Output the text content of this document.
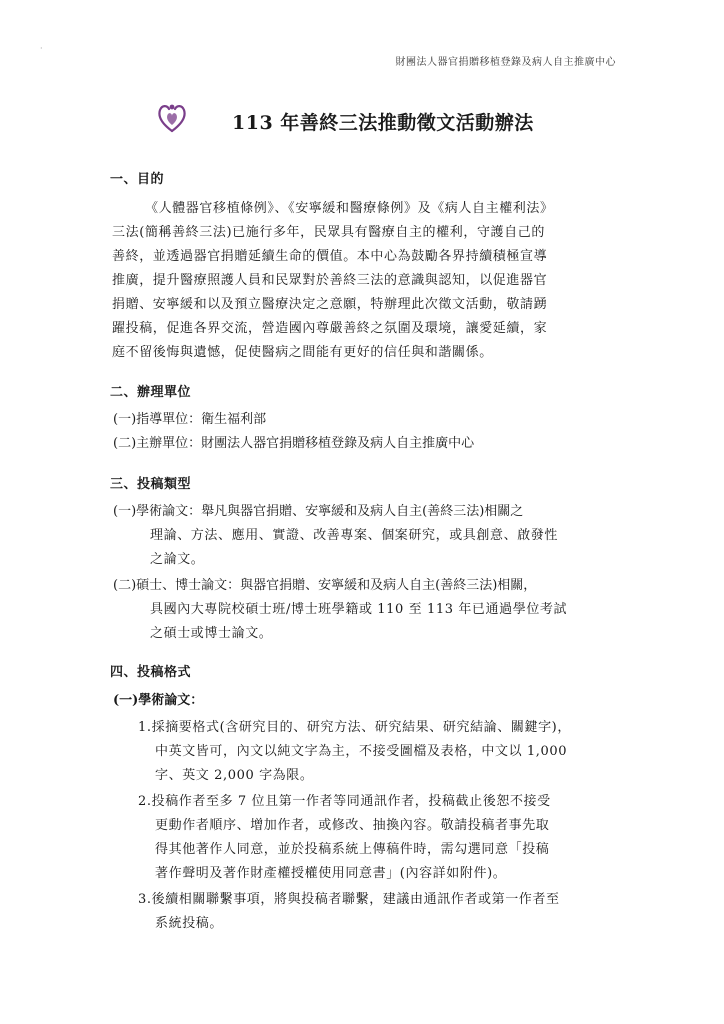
·
財團法人器官捐贈移植登錄及病人自主推廣中心
113 年善終三法推動徵文活動辦法
一、目的
《人體器官移植條例》、《安寧緩和醫療條例》及《病人自主權利法》
三法(簡稱善終三法)已施行多年，民眾具有醫療自主的權利，守護自己的
善終，並透過器官捐贈延續生命的價值。本中心為鼓勵各界持續積極宣導
推廣，提升醫療照護人員和民眾對於善終三法的意識與認知，以促進器官
捐贈、安寧緩和以及預立醫療決定之意願，特辦理此次徵文活動，敬請踴
躍投稿，促進各界交流，營造國內尊嚴善終之氛圍及環境，讓愛延續，家
庭不留後悔與遺憾，促使醫病之間能有更好的信任與和諧關係。
二、辦理單位
(一)指導單位：衛生福利部
(二)主辦單位：財團法人器官捐贈移植登錄及病人自主推廣中心
三、投稿類型
(一)學術論文：舉凡與器官捐贈、安寧緩和及病人自主(善終三法)相關之
理論、方法、應用、實證、改善專案、個案研究，或具創意、啟發性
之論文。
(二)碩士、博士論文：與器官捐贈、安寧緩和及病人自主(善終三法)相關，
具國內大專院校碩士班/博士班學籍或 110 至 113 年已通過學位考試
之碩士或博士論文。
四、投稿格式
(一)學術論文：
1.採摘要格式(含研究目的、研究方法、研究結果、研究結論、關鍵字)，
中英文皆可，內文以純文字為主，不接受圖檔及表格，中文以 1,000
字、英文 2,000 字為限。
2.投稿作者至多 7 位且第一作者等同通訊作者，投稿截止後恕不接受
更動作者順序、增加作者，或修改、抽換內容。敬請投稿者事先取
得其他著作人同意，並於投稿系統上傳稿件時，需勾選同意「投稿
著作聲明及著作財產權授權使用同意書」(內容詳如附件)。
3.後續相關聯繫事項，將與投稿者聯繫，建議由通訊作者或第一作者至
系統投稿。
